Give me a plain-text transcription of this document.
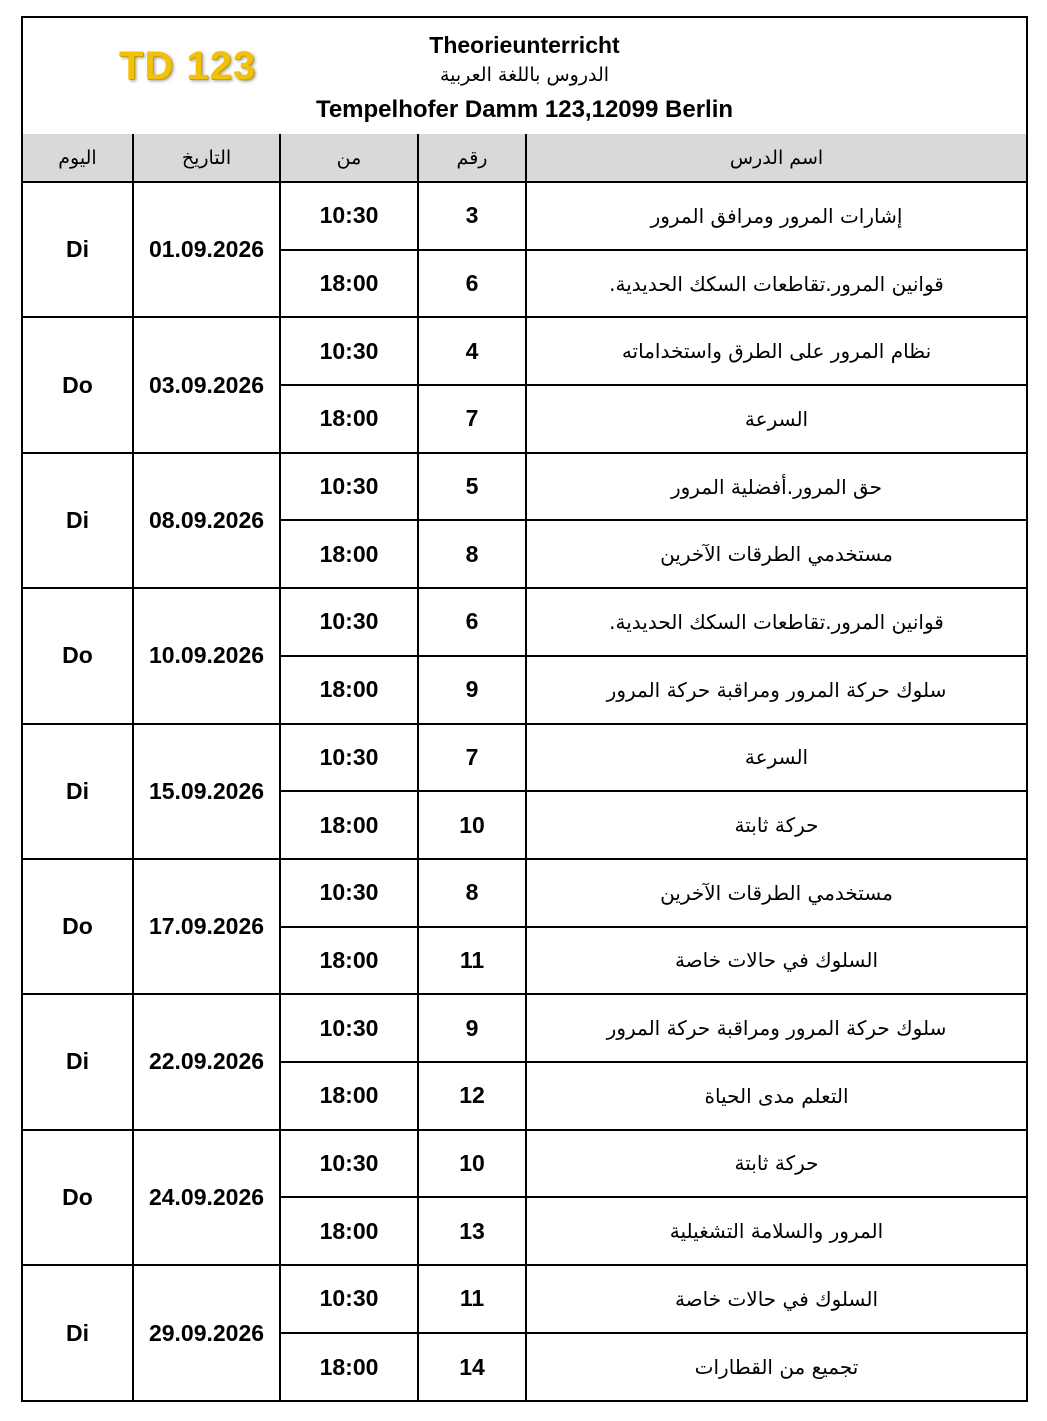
TD 123	Theorieunterricht
الدروس باللغة العربية
Tempelhofer Damm 123,12099 Berlin
اليوم	التاريخ	من	رقم	اسم الدرس
Di	01.09.2026	10:30	3	إشارات المرور ومرافق المرور
		18:00	6	قوانين المرور.تقاطعات السكك الحديدية.
Do	03.09.2026	10:30	4	نظام المرور على الطرق واستخداماته
		18:00	7	السرعة
Di	08.09.2026	10:30	5	حق المرور.أفضلية المرور
		18:00	8	مستخدمي الطرقات الآخرين
Do	10.09.2026	10:30	6	قوانين المرور.تقاطعات السكك الحديدية.
		18:00	9	سلوك حركة المرور ومراقبة حركة المرور
Di	15.09.2026	10:30	7	السرعة
		18:00	10	حركة ثابتة
Do	17.09.2026	10:30	8	مستخدمي الطرقات الآخرين
		18:00	11	السلوك في حالات خاصة
Di	22.09.2026	10:30	9	سلوك حركة المرور ومراقبة حركة المرور
		18:00	12	التعلم مدى الحياة
Do	24.09.2026	10:30	10	حركة ثابتة
		18:00	13	المرور والسلامة التشغيلية
Di	29.09.2026	10:30	11	السلوك في حالات خاصة
		18:00	14	تجميع من القطارات
